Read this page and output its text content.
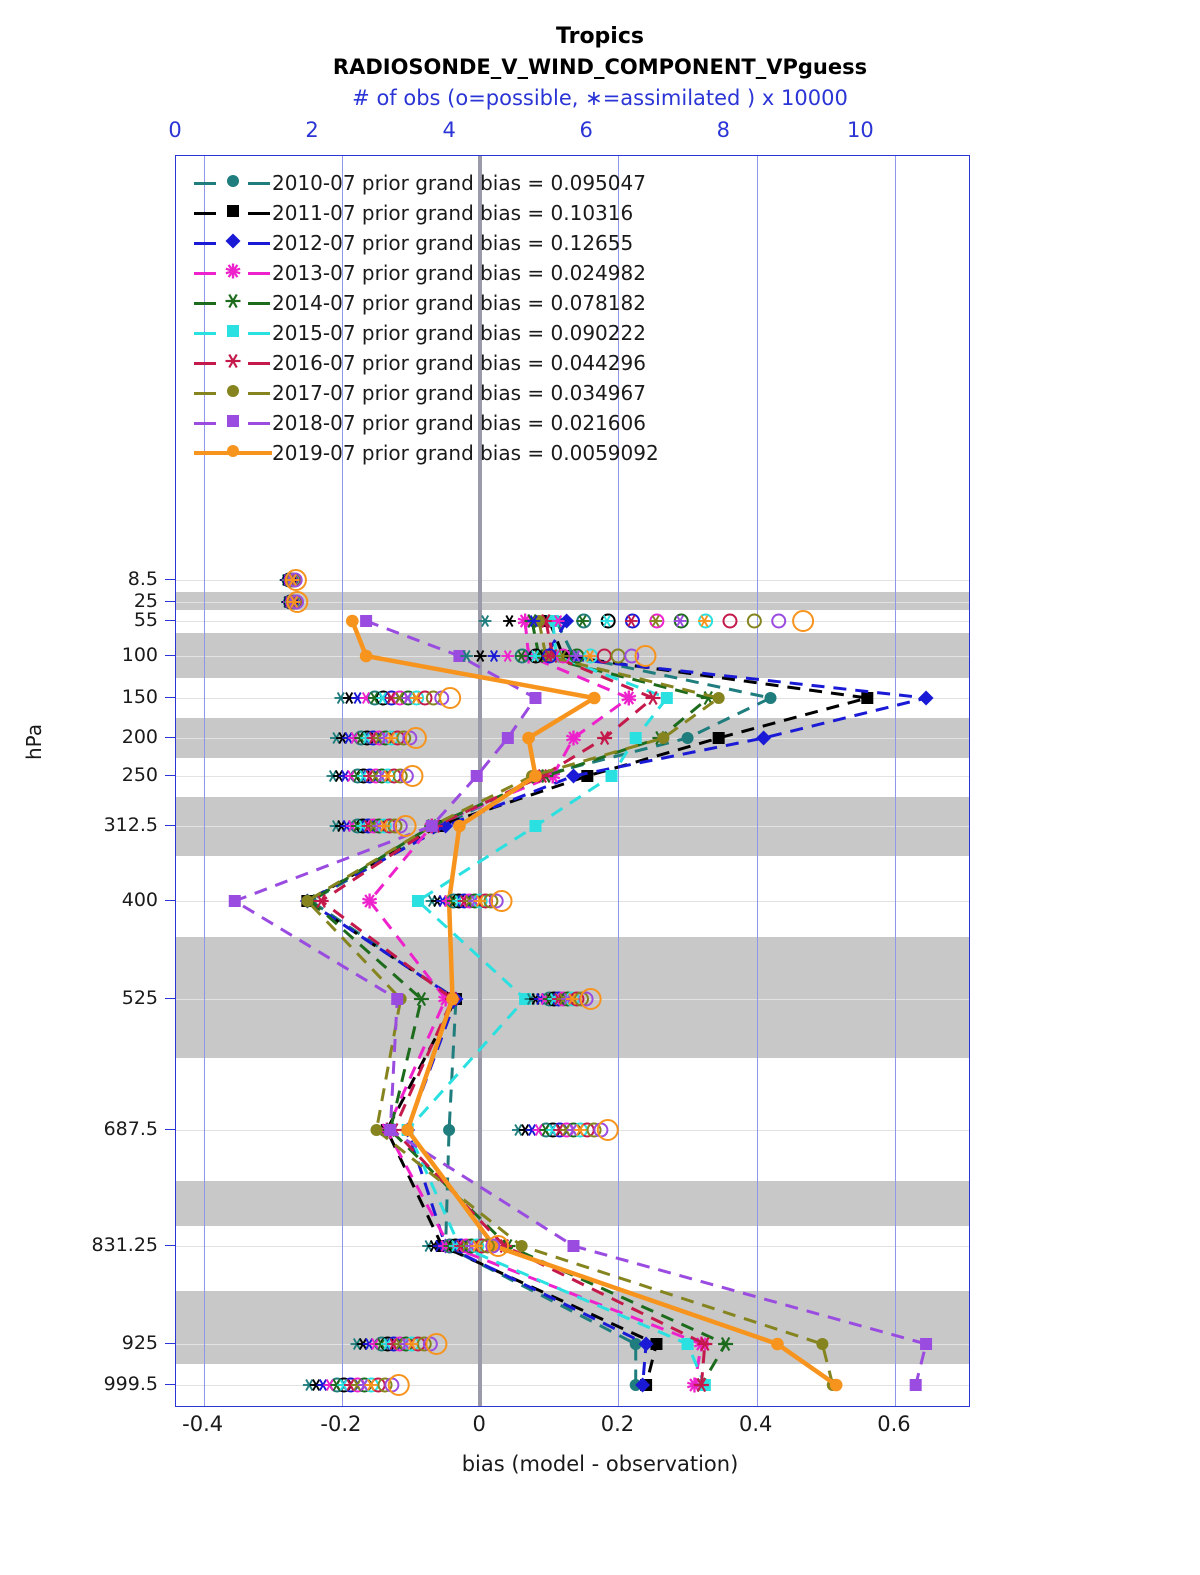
Tropics
RADIOSONDE_V_WIND_COMPONENT_VPguess
# of obs (o=possible, ∗=assimilated ) x 10000
0	2	4	6	8	10
8.5
25
55
100
150
200
250
312.5
400
525
687.5
831.25
925
999.5
hPa
2010-07 prior grand bias = 0.095047
2011-07 prior grand bias = 0.10316
2012-07 prior grand bias = 0.12655
2013-07 prior grand bias = 0.024982
2014-07 prior grand bias = 0.078182
2015-07 prior grand bias = 0.090222
2016-07 prior grand bias = 0.044296
2017-07 prior grand bias = 0.034967
2018-07 prior grand bias = 0.021606
2019-07 prior grand bias = 0.0059092
-0.4	-0.2	0	0.2	0.4	0.6
bias (model - observation)
